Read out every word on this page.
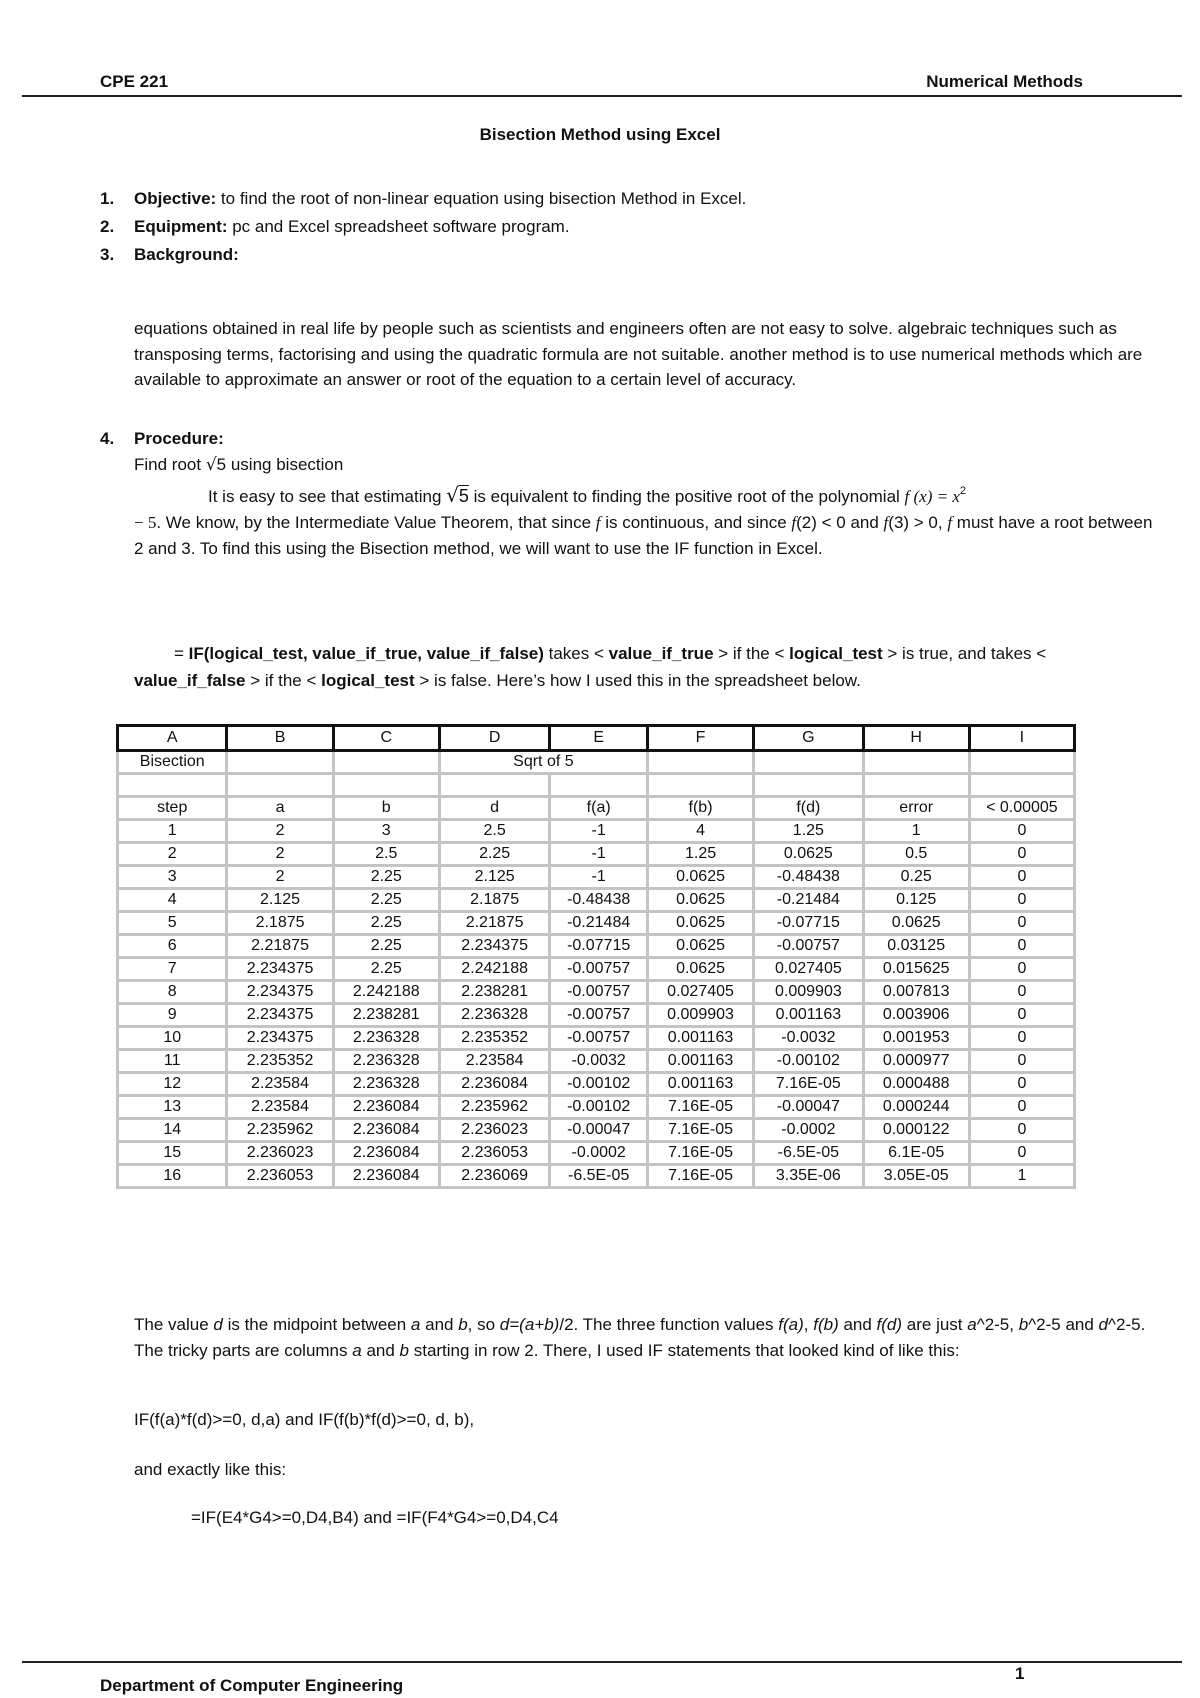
CPE 221	Numerical Methods
Bisection Method using Excel
1.	Objective: to find the root of non-linear equation using bisection Method in Excel.
2.	Equipment: pc and Excel spreadsheet software program.
3.	Background:
equations obtained in real life by people such as scientists and engineers often are not easy to solve. algebraic techniques such as transposing terms, factorising and using the quadratic formula are not suitable. another method is to use numerical methods which are available to approximate an answer or root of the equation to a certain level of accuracy.
4.	Procedure:
Find root √5 using bisection
It is easy to see that estimating √5 is equivalent to finding the positive root of the polynomial f $(x) = x^2$
− 5. We know, by the Intermediate Value Theorem, that since f is continuous, and since f(2) < 0 and f(3) > 0, f must have a root between 2 and 3. To find this using the Bisection method, we will want to use the IF function in Excel.
= IF(logical_test, value_if_true, value_if_false) takes < value_if_true > if the < logical_test > is true, and takes < value_if_false > if the < logical_test > is false. Here’s how I used this in the spreadsheet below.
A	B	C	D	E	F	G	H	I
Bisection			Sqrt of 5					

step	a	b	d	f(a)	f(b)	f(d)	error	< 0.00005
1	2	3	2.5	-1	4	1.25	1	0
2	2	2.5	2.25	-1	1.25	0.0625	0.5	0
3	2	2.25	2.125	-1	0.0625	-0.48438	0.25	0
4	2.125	2.25	2.1875	-0.48438	0.0625	-0.21484	0.125	0
5	2.1875	2.25	2.21875	-0.21484	0.0625	-0.07715	0.0625	0
6	2.21875	2.25	2.234375	-0.07715	0.0625	-0.00757	0.03125	0
7	2.234375	2.25	2.242188	-0.00757	0.0625	0.027405	0.015625	0
8	2.234375	2.242188	2.238281	-0.00757	0.027405	0.009903	0.007813	0
9	2.234375	2.238281	2.236328	-0.00757	0.009903	0.001163	0.003906	0
10	2.234375	2.236328	2.235352	-0.00757	0.001163	-0.0032	0.001953	0
11	2.235352	2.236328	2.23584	-0.0032	0.001163	-0.00102	0.000977	0
12	2.23584	2.236328	2.236084	-0.00102	0.001163	7.16E-05	0.000488	0
13	2.23584	2.236084	2.235962	-0.00102	7.16E-05	-0.00047	0.000244	0
14	2.235962	2.236084	2.236023	-0.00047	7.16E-05	-0.0002	0.000122	0
15	2.236023	2.236084	2.236053	-0.0002	7.16E-05	-6.5E-05	6.1E-05	0
16	2.236053	2.236084	2.236069	-6.5E-05	7.16E-05	3.35E-06	3.05E-05	1
The value d is the midpoint between a and b, so d=(a+b)/2. The three function values f(a), f(b) and f(d) are just a^2-5, b^2-5 and d^2-5. The tricky parts are columns a and b starting in row 2. There, I used IF statements that looked kind of like this:
IF(f(a)*f(d)>=0, d,a) and IF(f(b)*f(d)>=0, d, b),
and exactly like this:
=IF(E4*G4>=0,D4,B4) and =IF(F4*G4>=0,D4,C4
Department of Computer Engineering
1
